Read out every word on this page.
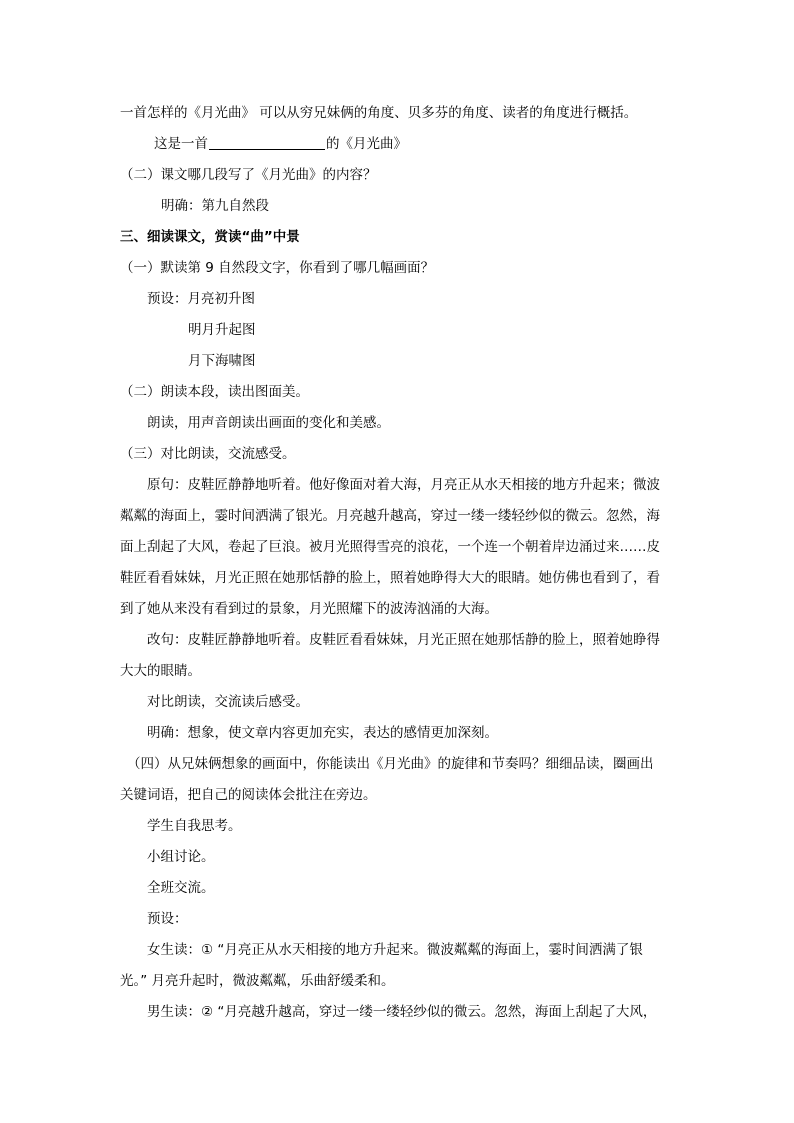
一首怎样的《月光曲》 可以从穷兄妹俩的角度、贝多芬的角度、读者的角度进行概括。
这是一首	的《月光曲》
（二）课文哪几段写了《月光曲》的内容？
明确：第九自然段
三、细读课文，赏读“曲”中景
（一）默读第 9 自然段文字，你看到了哪几幅画面？
预设：月亮初升图
明月升起图
月下海啸图
（二）朗读本段，读出图面美。
朗读，用声音朗读出画面的变化和美感。
（三）对比朗读，交流感受。
原句：皮鞋匠静静地听着。他好像面对着大海，月亮正从水天相接的地方升起来；微波
粼粼的海面上，霎时间洒满了银光。月亮越升越高，穿过一缕一缕轻纱似的微云。忽然，海
面上刮起了大风，卷起了巨浪。被月光照得雪亮的浪花，一个连一个朝着岸边涌过来……皮
鞋匠看看妹妹，月光正照在她那恬静的脸上，照着她睁得大大的眼睛。她仿佛也看到了，看
到了她从来没有看到过的景象，月光照耀下的波涛汹涌的大海。
改句：皮鞋匠静静地听着。皮鞋匠看看妹妹，月光正照在她那恬静的脸上，照着她睁得
大大的眼睛。
对比朗读，交流读后感受。
明确：想象，使文章内容更加充实，表达的感情更加深刻。
（四）从兄妹俩想象的画面中，你能读出《月光曲》的旋律和节奏吗？细细品读，圈画出
关键词语，把自己的阅读体会批注在旁边。
学生自我思考。
小组讨论。
全班交流。
预设：
女生读：① “月亮正从水天相接的地方升起来。微波粼粼的海面上，霎时间洒满了银
光。” 月亮升起时，微波粼粼，乐曲舒缓柔和。
男生读：② “月亮越升越高，穿过一缕一缕轻纱似的微云。忽然，海面上刮起了大风，
